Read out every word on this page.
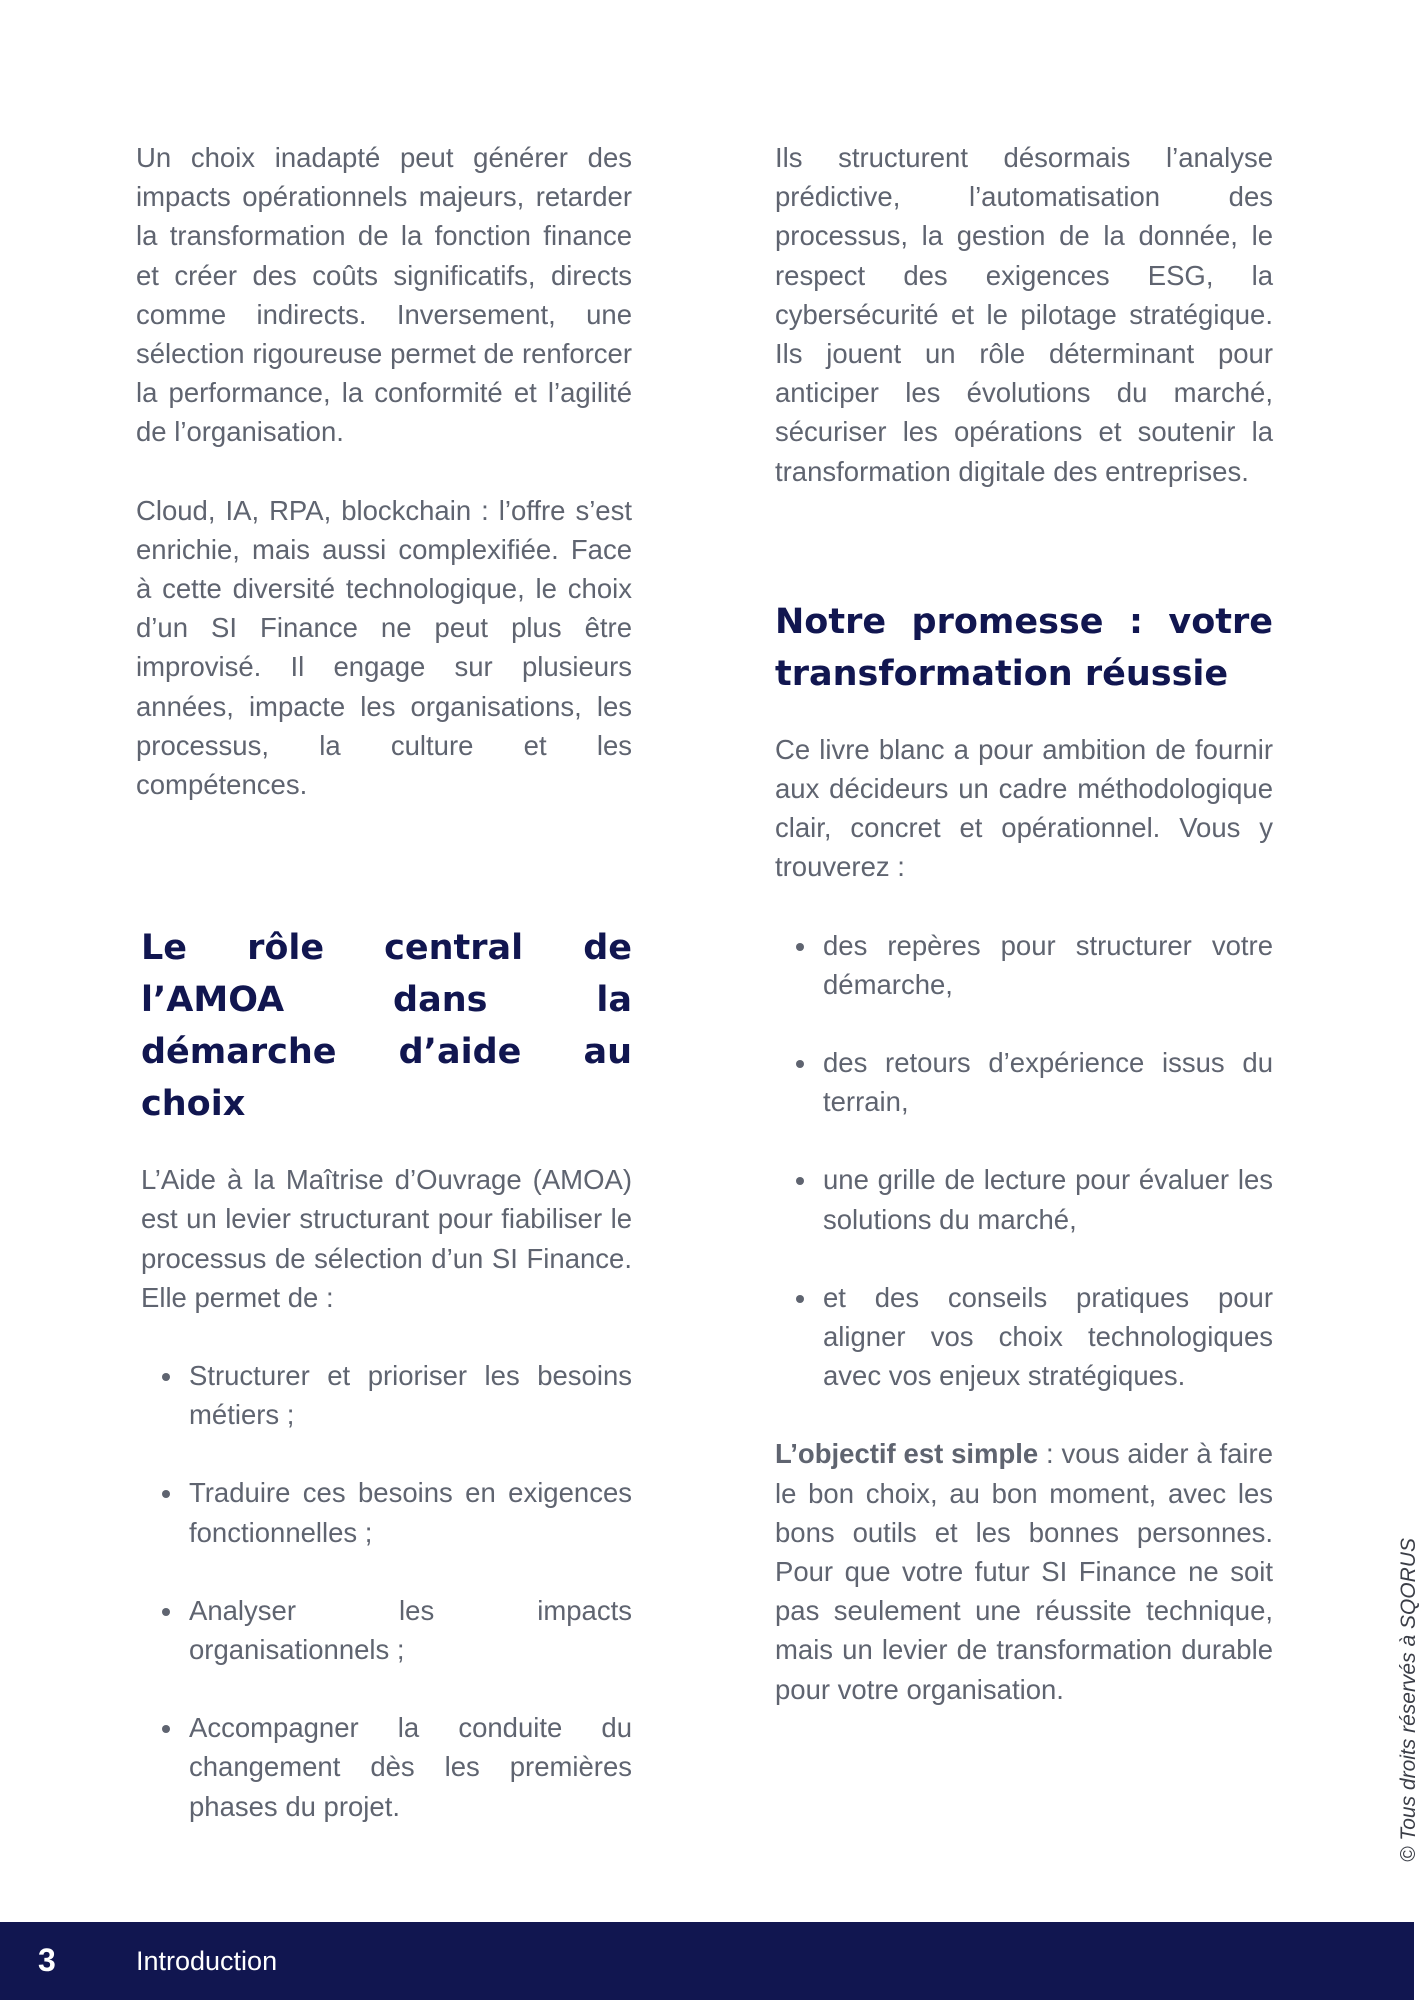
Un choix inadapté peut générer des impacts opérationnels majeurs, retarder la transformation de la fonction finance et créer des coûts significatifs, directs comme indirects. Inversement, une sélection rigoureuse permet de renforcer la performance, la conformité et l’agilité de l’organisation.

Cloud, IA, RPA, blockchain : l’offre s’est enrichie, mais aussi complexifiée. Face à cette diversité technologique, le choix d’un SI Finance ne peut plus être improvisé. Il engage sur plusieurs années, impacte les organisations, les processus, la culture et les compétences.

Le rôle central de l’AMOA dans la démarche d’aide au choix

L’Aide à la Maîtrise d’Ouvrage (AMOA) est un levier structurant pour fiabiliser le processus de sélection d’un SI Finance. Elle permet de :

Structurer et prioriser les besoins métiers ;
Traduire ces besoins en exigences fonctionnelles ;
Analyser les impacts organisationnels ;
Accompagner la conduite du changement dès les premières phases du projet.

Ils structurent désormais l’analyse prédictive, l’automatisation des processus, la gestion de la donnée, le respect des exigences ESG, la cybersécurité et le pilotage stratégique. Ils jouent un rôle déterminant pour anticiper les évolutions du marché, sécuriser les opérations et soutenir la transformation digitale des entreprises.

Notre promesse : votre transformation réussie

Ce livre blanc a pour ambition de fournir aux décideurs un cadre méthodologique clair, concret et opérationnel. Vous y trouverez :

des repères pour structurer votre démarche,
des retours d’expérience issus du terrain,
une grille de lecture pour évaluer les solutions du marché,
et des conseils pratiques pour aligner vos choix technologiques avec vos enjeux stratégiques.

L’objectif est simple : vous aider à faire le bon choix, au bon moment, avec les bons outils et les bonnes personnes. Pour que votre futur SI Finance ne soit pas seulement une réussite technique, mais un levier de transformation durable pour votre organisation.	© Tous droits réservés à SQORUS
3	Introduction
